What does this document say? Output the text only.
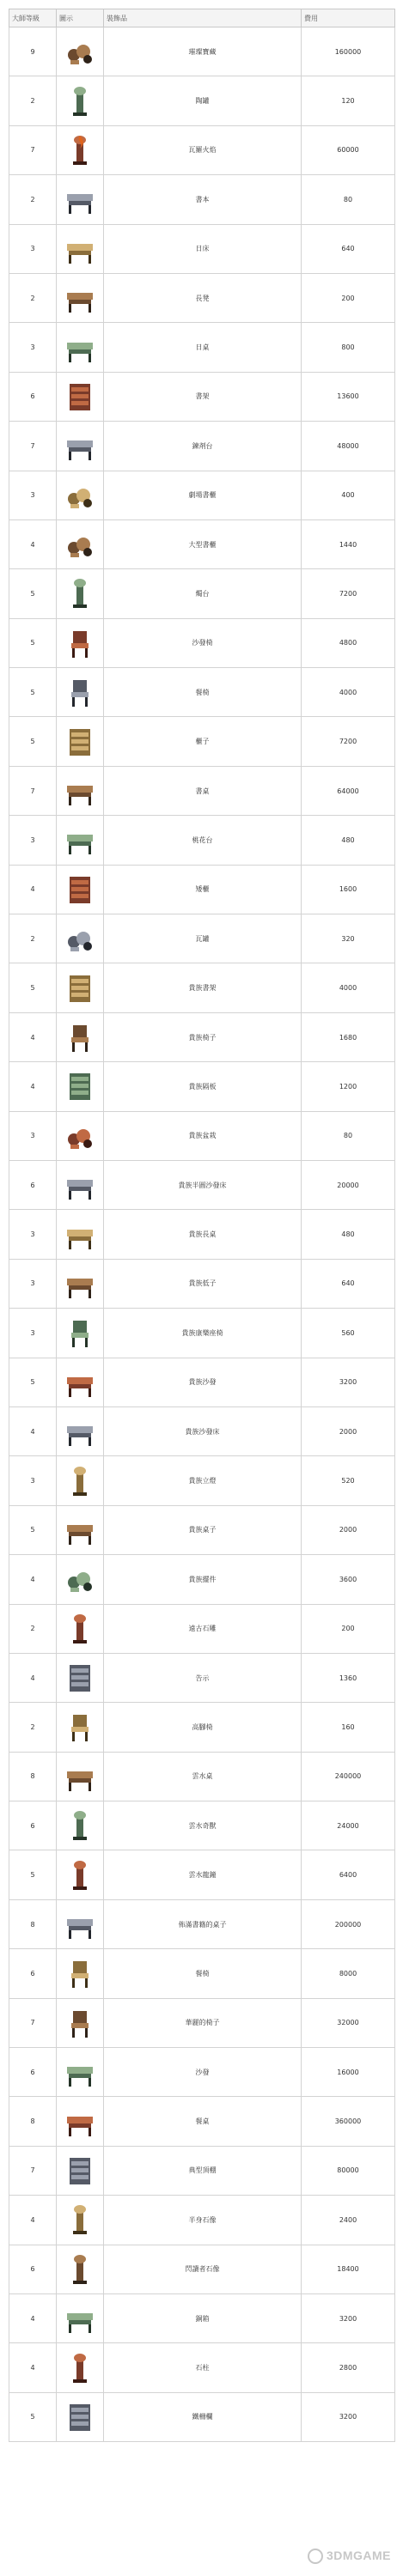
大師等級	圖示	裝飾品	費用
9		璀璨寶藏	160000
2		陶罐	120
7		瓦羅火焰	60000
2		書本	80
3		日床	640
2		長凳	200
3		日桌	800
6		書架	13600
7		錬剤台	48000
3		劇場書櫃	400
4		大型書櫃	1440
5		燭台	7200
5		沙發椅	4800
5		餐椅	4000
5		櫃子	7200
7		書桌	64000
3		桃花台	480
4		矮櫃	1600
2		瓦罐	320
5		貴族書架	4000
4		貴族椅子	1680
4		貴族隔板	1200
3		貴族盆栽	80
6		貴族半圓沙發床	20000
3		貴族長桌	480
3		貴族低子	640
3		貴族康樂座椅	560
5		貴族沙發	3200
4		貴族沙發床	2000
3		貴族立燈	520
5		貴族桌子	2000
4		貴族擺件	3600
2		遠古石雕	200
4		告示	1360
2		高腳椅	160
8		雲水桌	240000
6		雲水奇獸	24000
5		雲水龍鐘	6400
8		佈滿書籍的桌子	200000
6		餐椅	8000
7		華麗的椅子	32000
6		沙發	16000
8		餐桌	360000
7		典型頂棚	80000
4		半身石像	2400
6		閃讀者石像	18400
4		銅箱	3200
4		石柱	2800
5		鐵柵欄	3200
3DMGAME
